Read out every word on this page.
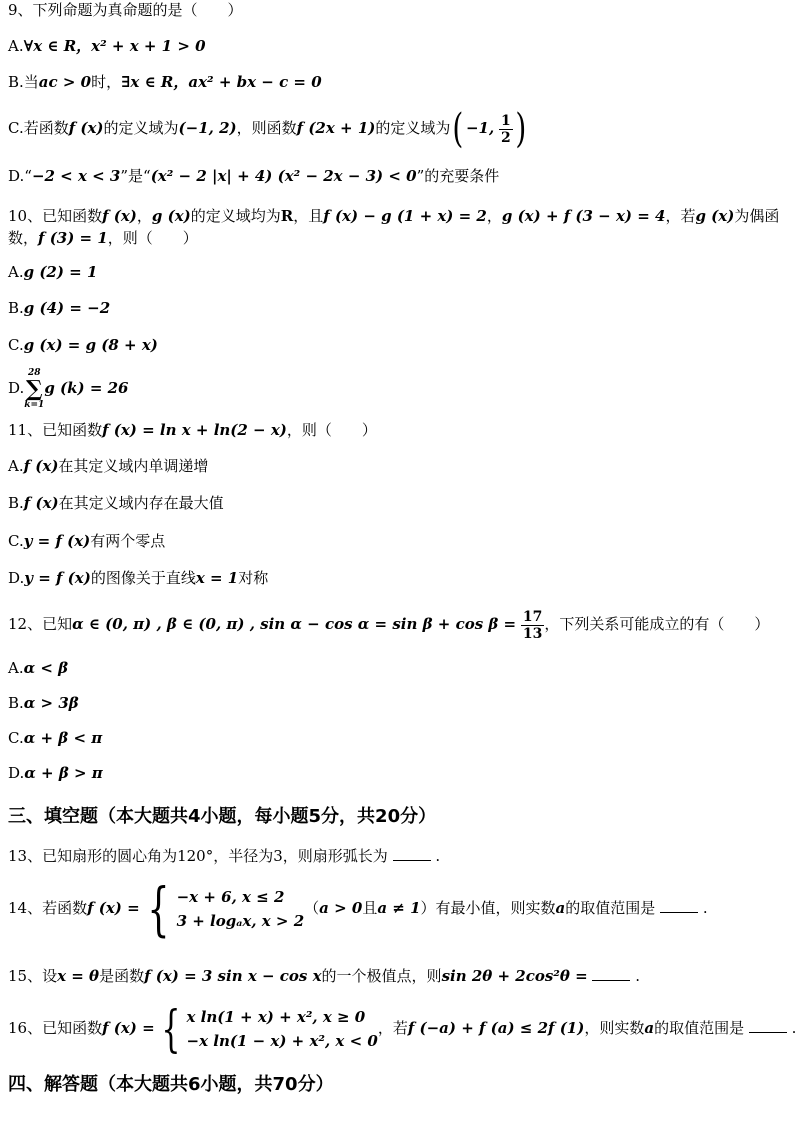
9、下列命题为真命题的是（　　）
A.∀x ∈ R，x² + x + 1 > 0
B.当ac > 0时，∃x ∈ R，ax² + bx − c = 0
C.若函数f (x)的定义域为(−1, 2)，则函数f (2x + 1)的定义域为( −1, $\frac{1}{2}$ )
D.“−2 < x < 3”是“(x² − 2 |x| + 4) (x² − 2x − 3) < 0”的充要条件
10、已知函数f (x)，g (x)的定义域均为R，且f (x) − g (1 + x) = 2，g (x) + f (3 − x) = 4，若g (x)为偶函
数，f (3) = 1，则（　　）
A.g (2) = 1
B.g (4) = −2
C.g (x) = g (8 + x)
D.
28
∑
k=1
g (k) = 26
11、已知函数f (x) = ln x + ln(2 − x)，则（　　）
A.f (x)在其定义域内单调递增
B.f (x)在其定义域内存在最大值
C.y = f (x)有两个零点
D.y = f (x)的图像关于直线x = 1对称
12、已知α ∈ (0, π) , β ∈ (0, π) , $\sin \alpha - \cos \alpha = \sin \beta + \cos \beta = \frac{17}{13}$ ，下列关系可能成立的有（　　）
A.α < β
B.α > 3β
C.α + β < π
D.α + β > π
三、填空题（本大题共4小题，每小题5分，共20分）
13、已知扇形的圆心角为120°，半径为3，则扇形弧长为	.
14、若函数f (x) = { −x + 6, x ≤ 2
3 + logₐx, x > 2
（a > 0且a ≠ 1）有最小值，则实数a的取值范围是	.
15、设x = θ是函数f (x) = 3 sin x − cos x的一个极值点，则sin 2θ + 2cos²θ =	.
16、已知函数f (x) = { x ln(1 + x) + x², x ≥ 0
−x ln(1 − x) + x², x < 0
，若f (−a) + f (a) ≤ 2f (1)，则实数a的取值范围是	.
四、解答题（本大题共6小题，共70分）
